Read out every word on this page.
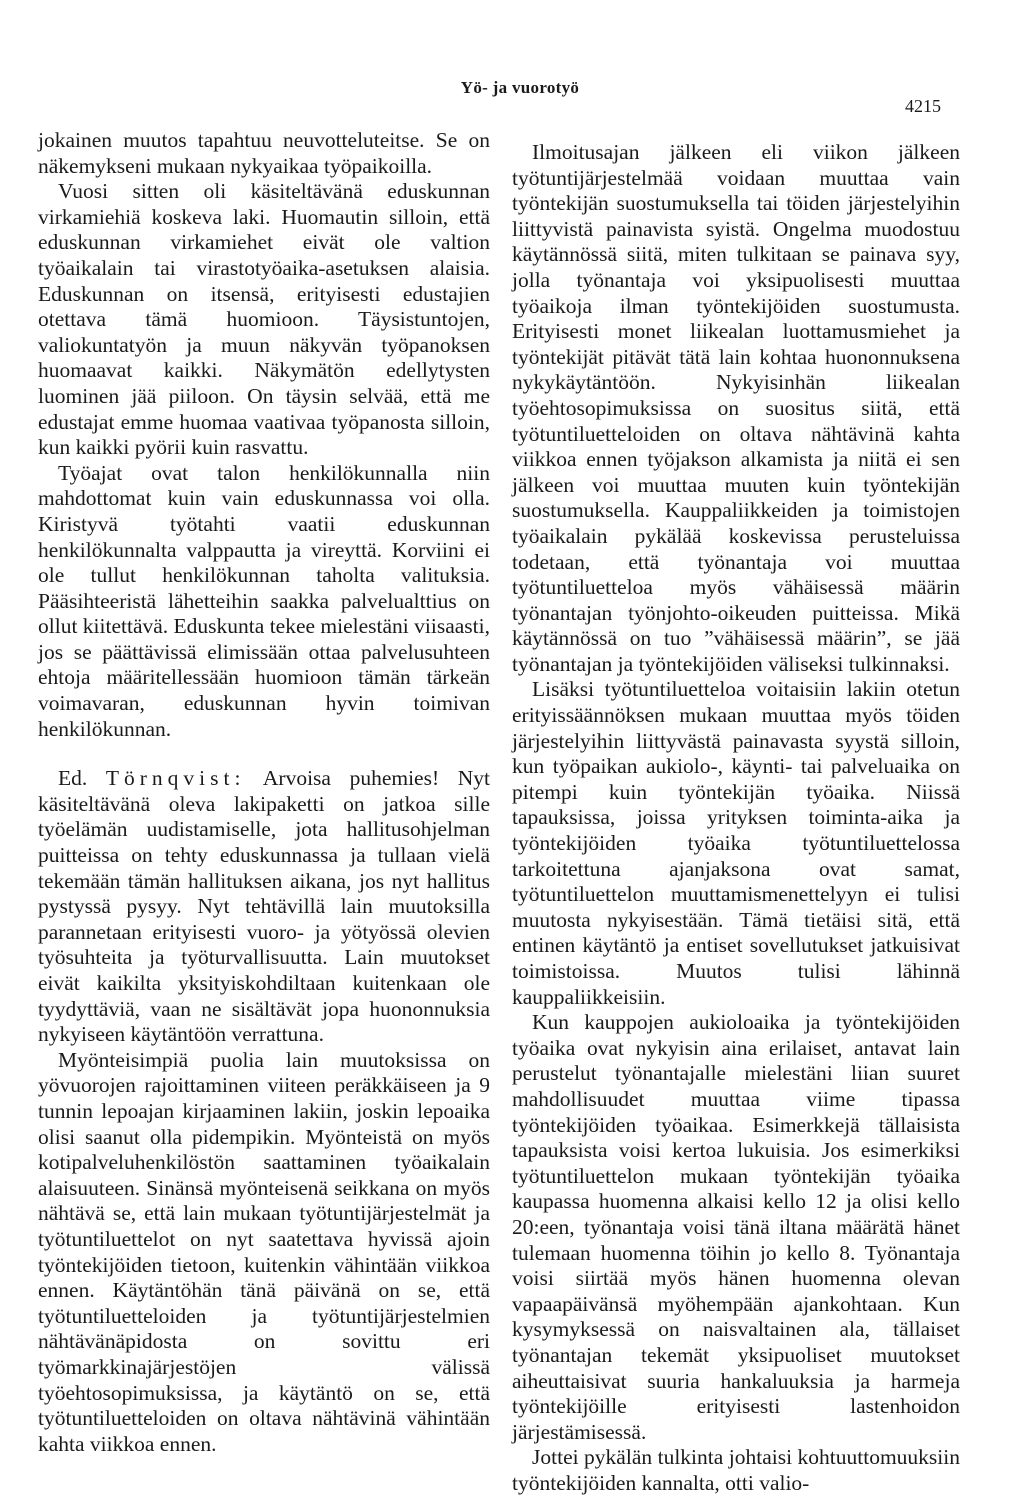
Yö- ja vuorotyö
4215

jokainen muutos tapahtuu neuvotteluteitse. Se on näkemykseni mukaan nykyaikaa työpaikoilla.

Vuosi sitten oli käsiteltävänä eduskunnan virkamiehiä koskeva laki. Huomautin silloin, että eduskunnan virkamiehet eivät ole valtion työaikalain tai virastotyöaika-asetuksen alaisia. Eduskunnan on itsensä, erityisesti edustajien otettava tämä huomioon. Täysistuntojen, valiokuntatyön ja muun näkyvän työpanoksen huomaavat kaikki. Näkymätön edellytysten luominen jää piiloon. On täysin selvää, että me edustajat emme huomaa vaativaa työpanosta silloin, kun kaikki pyörii kuin rasvattu.

Työajat ovat talon henkilökunnalla niin mahdottomat kuin vain eduskunnassa voi olla. Kiristyvä työtahti vaatii eduskunnan henkilökunnalta valppautta ja vireyttä. Korviini ei ole tullut henkilökunnan taholta valituksia. Pääsihteeristä lähetteihin saakka palvelualttius on ollut kiitettävä. Eduskunta tekee mielestäni viisaasti, jos se päättävissä elimissään ottaa palvelusuhteen ehtoja määritellessään huomioon tämän tärkeän voimavaran, eduskunnan hyvin toimivan henkilökunnan.

Ed. Törnqvist: Arvoisa puhemies! Nyt käsiteltävänä oleva lakipaketti on jatkoa sille työelämän uudistamiselle, jota hallitusohjelman puitteissa on tehty eduskunnassa ja tullaan vielä tekemään tämän hallituksen aikana, jos nyt hallitus pystyssä pysyy. Nyt tehtävillä lain muutoksilla parannetaan erityisesti vuoro- ja yötyössä olevien työsuhteita ja työturvallisuutta. Lain muutokset eivät kaikilta yksityiskohdiltaan kuitenkaan ole tyydyttäviä, vaan ne sisältävät jopa huononnuksia nykyiseen käytäntöön verrattuna.

Myönteisimpiä puolia lain muutoksissa on yövuorojen rajoittaminen viiteen peräkkäiseen ja 9 tunnin lepoajan kirjaaminen lakiin, joskin lepoaika olisi saanut olla pidempikin. Myönteistä on myös kotipalveluhenkilöstön saattaminen työaikalain alaisuuteen. Sinänsä myönteisenä seikkana on myös nähtävä se, että lain mukaan työtuntijärjestelmät ja työtuntiluettelot on nyt saatettava hyvissä ajoin työntekijöiden tietoon, kuitenkin vähintään viikkoa ennen. Käytäntöhän tänä päivänä on se, että työtuntiluetteloiden ja työtuntijärjestelmien nähtävänäpidosta on sovittu eri työmarkkinajärjestöjen välissä työehtosopimuksissa, ja käytäntö on se, että työtuntiluetteloiden on oltava nähtävinä vähintään kahta viikkoa ennen.

Ilmoitusajan jälkeen eli viikon jälkeen työtuntijärjestelmää voidaan muuttaa vain työntekijän suostumuksella tai töiden järjestelyihin liittyvistä painavista syistä. Ongelma muodostuu käytännössä siitä, miten tulkitaan se painava syy, jolla työnantaja voi yksipuolisesti muuttaa työaikoja ilman työntekijöiden suostumusta. Erityisesti monet liikealan luottamusmiehet ja työntekijät pitävät tätä lain kohtaa huononnuksena nykykäytäntöön. Nykyisinhän liikealan työehtosopimuksissa on suositus siitä, että työtuntiluetteloiden on oltava nähtävinä kahta viikkoa ennen työjakson alkamista ja niitä ei sen jälkeen voi muuttaa muuten kuin työntekijän suostumuksella. Kauppaliikkeiden ja toimistojen työaikalain pykälää koskevissa perusteluissa todetaan, että työnantaja voi muuttaa työtuntiluetteloa myös vähäisessä määrin työnantajan työnjohto-oikeuden puitteissa. Mikä käytännössä on tuo ”vähäisessä määrin”, se jää työnantajan ja työntekijöiden väliseksi tulkinnaksi.

Lisäksi työtuntiluetteloa voitaisiin lakiin otetun erityissäännöksen mukaan muuttaa myös töiden järjestelyihin liittyvästä painavasta syystä silloin, kun työpaikan aukiolo-, käynti- tai palveluaika on pitempi kuin työntekijän työaika. Niissä tapauksissa, joissa yrityksen toiminta-aika ja työntekijöiden työaika työtuntiluettelossa tarkoitettuna ajanjaksona ovat samat, työtuntiluettelon muuttamismenettelyyn ei tulisi muutosta nykyisestään. Tämä tietäisi sitä, että entinen käytäntö ja entiset sovellutukset jatkuisivat toimistoissa. Muutos tulisi lähinnä kauppaliikkeisiin.

Kun kauppojen aukioloaika ja työntekijöiden työaika ovat nykyisin aina erilaiset, antavat lain perustelut työnantajalle mielestäni liian suuret mahdollisuudet muuttaa viime tipassa työntekijöiden työaikaa. Esimerkkejä tällaisista tapauksista voisi kertoa lukuisia. Jos esimerkiksi työtuntiluettelon mukaan työntekijän työaika kaupassa huomenna alkaisi kello 12 ja olisi kello 20:een, työnantaja voisi tänä iltana määrätä hänet tulemaan huomenna töihin jo kello 8. Työnantaja voisi siirtää myös hänen huomenna olevan vapaapäivänsä myöhempään ajankohtaan. Kun kysymyksessä on naisvaltainen ala, tällaiset työnantajan tekemät yksipuoliset muutokset aiheuttaisivat suuria hankaluuksia ja harmeja työntekijöille erityisesti lastenhoidon järjestämisessä.

Jottei pykälän tulkinta johtaisi kohtuuttomuuksiin työntekijöiden kannalta, otti valio-
